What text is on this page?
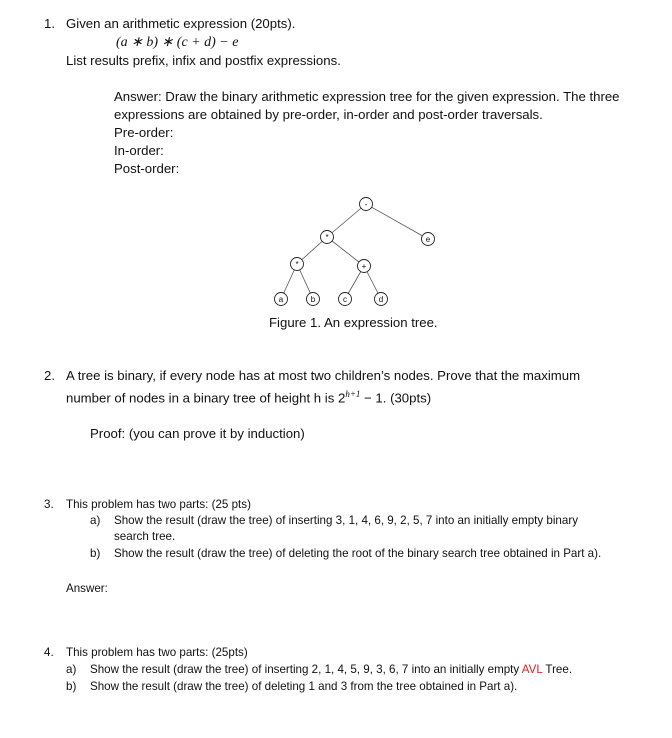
1. Given an arithmetic expression (20pts).
(a ∗ b) ∗ (c + d) − e
List results prefix, infix and postfix expressions.
Answer: Draw the binary arithmetic expression tree for the given expression. The three
expressions are obtained by pre-order, in-order and post-order traversals.
Pre-order:
In-order:
Post-order:
-
*	e
*	+
a	b	c	d
Figure 1. An expression tree.
2. A tree is binary, if every node has at most two children’s nodes. Prove that the maximum
number of nodes in a binary tree of height h is $2^{h+1} - 1$. (30pts)
Proof: (you can prove it by induction)
3. This problem has two parts: (25 pts)
a) Show the result (draw the tree) of inserting 3, 1, 4, 6, 9, 2, 5, 7 into an initially empty binary
search tree.
b) Show the result (draw the tree) of deleting the root of the binary search tree obtained in Part a).
Answer:
4. This problem has two parts: (25pts)
a) Show the result (draw the tree) of inserting 2, 1, 4, 5, 9, 3, 6, 7 into an initially empty AVL Tree.
b) Show the result (draw the tree) of deleting 1 and 3 from the tree obtained in Part a).
